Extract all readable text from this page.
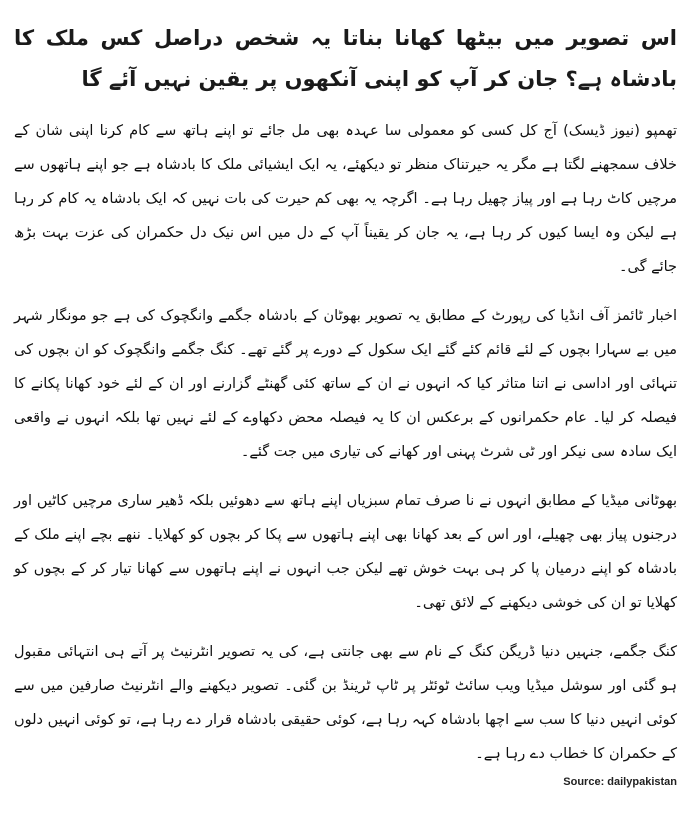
اس تصویر میں بیٹھا کھانا بناتا یہ شخص دراصل کس ملک کا بادشاہ ہے؟ جان کر آپ کو اپنی آنکھوں پر یقین نہیں آئے گا

تھمپو (نیوز ڈیسک) آج کل کسی کو معمولی سا عہدہ بھی مل جائے تو اپنے ہاتھ سے کام کرنا اپنی شان کے خلاف سمجھنے لگتا ہے مگر یہ حیرتناک منظر تو دیکھئے، یہ ایک ایشیائی ملک کا بادشاہ ہے جو اپنے ہاتھوں سے مرچیں کاٹ رہا ہے اور پیاز چھیل رہا ہے۔ اگرچہ یہ بھی کم حیرت کی بات نہیں کہ ایک بادشاہ یہ کام کر رہا ہے لیکن وہ ایسا کیوں کر رہا ہے، یہ جان کر یقیناً آپ کے دل میں اس نیک دل حکمران کی عزت بہت بڑھ جائے گی۔

اخبار ٹائمز آف انڈیا کی رپورٹ کے مطابق یہ تصویر بھوٹان کے بادشاہ جگمے وانگچوک کی ہے جو مونگار شہر میں بے سہارا بچوں کے لئے قائم کئے گئے ایک سکول کے دورے پر گئے تھے۔ کنگ جگمے وانگچوک کو ان بچوں کی تنہائی اور اداسی نے اتنا متاثر کیا کہ انہوں نے ان کے ساتھ کئی گھنٹے گزارنے اور ان کے لئے خود کھانا پکانے کا فیصلہ کر لیا۔ عام حکمرانوں کے برعکس ان کا یہ فیصلہ محض دکھاوے کے لئے نہیں تھا بلکہ انہوں نے واقعی ایک سادہ سی نیکر اور ٹی شرٹ پہنی اور کھانے کی تیاری میں جت گئے۔

بھوٹانی میڈیا کے مطابق انہوں نے نا صرف تمام سبزیاں اپنے ہاتھ سے دھوئیں بلکہ ڈھیر ساری مرچیں کاٹیں اور درجنوں پیاز بھی چھیلے، اور اس کے بعد کھانا بھی اپنے ہاتھوں سے پکا کر بچوں کو کھلایا۔ ننھے بچے اپنے ملک کے بادشاہ کو اپنے درمیان پا کر ہی بہت خوش تھے لیکن جب انہوں نے اپنے ہاتھوں سے کھانا تیار کر کے بچوں کو کھلایا تو ان کی خوشی دیکھنے کے لائق تھی۔

کنگ جگمے، جنہیں دنیا ڈریگن کنگ کے نام سے بھی جانتی ہے، کی یہ تصویر انٹرنیٹ پر آتے ہی انتہائی مقبول ہو گئی اور سوشل میڈیا ویب سائٹ ٹوئٹر پر ٹاپ ٹرینڈ بن گئی۔ تصویر دیکھنے والے انٹرنیٹ صارفین میں سے کوئی انہیں دنیا کا سب سے اچھا بادشاہ کہہ رہا ہے، کوئی حقیقی بادشاہ قرار دے رہا ہے، تو کوئی انہیں دلوں کے حکمران کا خطاب دے رہا ہے۔

Source: dailypakistan
